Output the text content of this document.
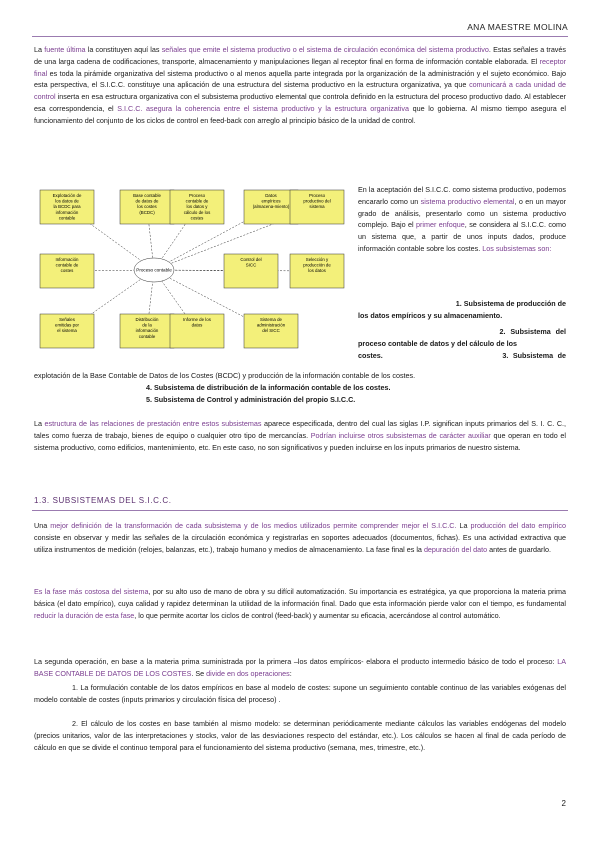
ANA MAESTRE MOLINA
La fuente última la constituyen aquí las señales que emite el sistema productivo o el sistema de circulación económica del sistema productivo. Estas señales a través de una larga cadena de codificaciones, transporte, almacenamiento y manipulaciones llegan al receptor final en forma de información contable elaborada. El receptor final es toda la pirámide organizativa del sistema productivo o al menos aquella parte integrada por la organización de la administración y el sujeto económico. Bajo esta perspectiva, el S.I.C.C. constituye una aplicación de una estructura del sistema productivo en la estructura organizativa, ya que comunicará a cada unidad de control inserta en esa estructura organizativa con el subsistema productivo elemental que controla definido en la estructura del proceso productivo dado. Al establecer esa correspondencia, el S.I.C.C. asegura la coherencia entre el sistema productivo y la estructura organizativa que lo gobierna. Al mismo tiempo asegura el funcionamiento del conjunto de los ciclos de control en feed-back con arreglo al principio básico de la unidad de control.
Explotación de
los datos de
la BCDC para
información
contable
Base contable
de datos de
los costes
(BCDC)
Proceso
contable de
los datos y
cálculo de los
costes
Datos
empíricos
(almacena-miento)
Proceso
productivo del
sistema
Información
contable de
costes
Control del
SICC
Selección y
producción de
los datos
Señales
emitidas por
el sistema
Distribución
de la
información
contable
Informe de los
datos
Sistema de
administración
del SICC
Proceso contable
En la aceptación del S.I.C.C. como sistema productivo, podemos encararlo como un sistema productivo elemental, o en un mayor grado de análisis, presentarlo como un sistema productivo complejo. Bajo el primer enfoque, se considera al S.I.C.C. como un sistema que, a partir de unos inputs dados, produce información contable sobre los costes. Los subsistemas son:
1. Subsistema de producción de
los datos empíricos y su almacenamiento.
2. Subsistema del
proceso contable de datos y del cálculo de los
costes.                           3. Subsistema de
explotación de la Base Contable de Datos de los Costes (BCDC) y producción de la información contable de los costes.
4. Subsistema de distribución de la información contable de los costes.
5. Subsistema de Control y administración del propio S.I.C.C.
La estructura de las relaciones de prestación entre estos subsistemas aparece especificada, dentro del cual las siglas I.P. significan inputs primarios del S. I. C. C., tales como fuerza de trabajo, bienes de equipo o cualquier otro tipo de mercancías. Podrían incluirse otros subsistemas de carácter auxiliar que operan en todo el sistema productivo, como edificios, mantenimiento, etc. En este caso, no son significativos y pueden incluirse en los inputs primarios de nuestro sistema.
1.3. SUBSISTEMAS DEL S.I.C.C.
Una mejor definición de la transformación de cada subsistema y de los medios utilizados permite comprender mejor el S.I.C.C. La producción del dato empírico consiste en observar y medir las señales de la circulación económica y registrarlas en soportes adecuados (documentos, fichas). Es una actividad extractiva que utiliza instrumentos de medición (relojes, balanzas, etc.), trabajo humano y medios de almacenamiento. La fase final es la depuración del dato antes de guardarlo.
Es la fase más costosa del sistema, por su alto uso de mano de obra y su difícil automatización. Su importancia es estratégica, ya que proporciona la materia prima básica (el dato empírico), cuya calidad y rapidez determinan la utilidad de la información final. Dado que esta información pierde valor con el tiempo, es fundamental reducir la duración de esta fase, lo que permite acortar los ciclos de control (feed-back) y aumentar su eficacia, acercándose al control automático.
La segunda operación, en base a la materia prima suministrada por la primera –los datos empíricos- elabora el producto intermedio básico de todo el proceso: LA BASE CONTABLE DE DATOS DE LOS COSTES. Se divide en dos operaciones:
1. La formulación contable de los datos empíricos en base al modelo de costes: supone un seguimiento contable continuo de las variables exógenas del modelo contable de costes (inputs primarios y circulación física del proceso) .
2. El cálculo de los costes en base también al mismo modelo: se determinan periódicamente mediante cálculos las variables endógenas del modelo (precios unitarios, valor de las interpretaciones y stocks, valor de las desviaciones respecto del estándar, etc.). Los cálculos se hacen al final de cada período de cálculo en que se divide el continuo temporal para el funcionamiento del sistema productivo (semana, mes, trimestre, etc.).
2
